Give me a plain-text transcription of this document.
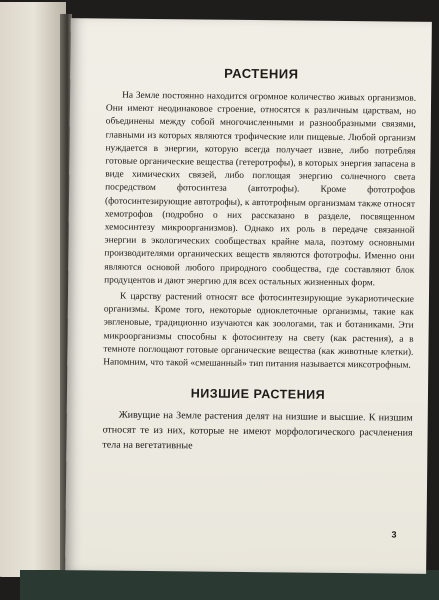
РАСТЕНИЯ

На Земле постоянно находится огромное количество живых организмов. Они имеют неодинаковое строение, относятся к различным царствам, но объединены между собой многочисленными и разнообразными связями, главными из которых являются трофические или пищевые. Любой организм нуждается в энергии, которую всегда получает извне, либо потребляя готовые органические вещества (гетеротрофы), в которых энергия запасена в виде химических связей, либо поглощая энергию солнечного света посредством фотосинтеза (автотрофы). Кроме фототрофов (фотосинтезирующие автотрофы), к автотрофным организмам также относят хемотрофов (подробно о них рассказано в разделе, посвященном хемосинтезу микроорганизмов). Однако их роль в передаче связанной энергии в экологических сообществах крайне мала, поэтому основными производителями органических веществ являются фототрофы. Именно они являются основой любого природного сообщества, где составляют блок продуцентов и дают энергию для всех остальных жизненных форм.

К царству растений относят все фотосинтезирующие эукариотические организмы. Кроме того, некоторые одноклеточные организмы, такие как эвгленовые, традиционно изучаются как зоологами, так и ботаниками. Эти микроорганизмы способны к фотосинтезу на свету (как растения), а в темноте поглощают готовые органические вещества (как животные клетки). Напомним, что такой «смешанный» тип питания называется миксотрофным.

НИЗШИЕ РАСТЕНИЯ

Живущие на Земле растения делят на низшие и высшие. К низшим относят те из них, которые не имеют морфологического расчленения тела на вегетативные

3
